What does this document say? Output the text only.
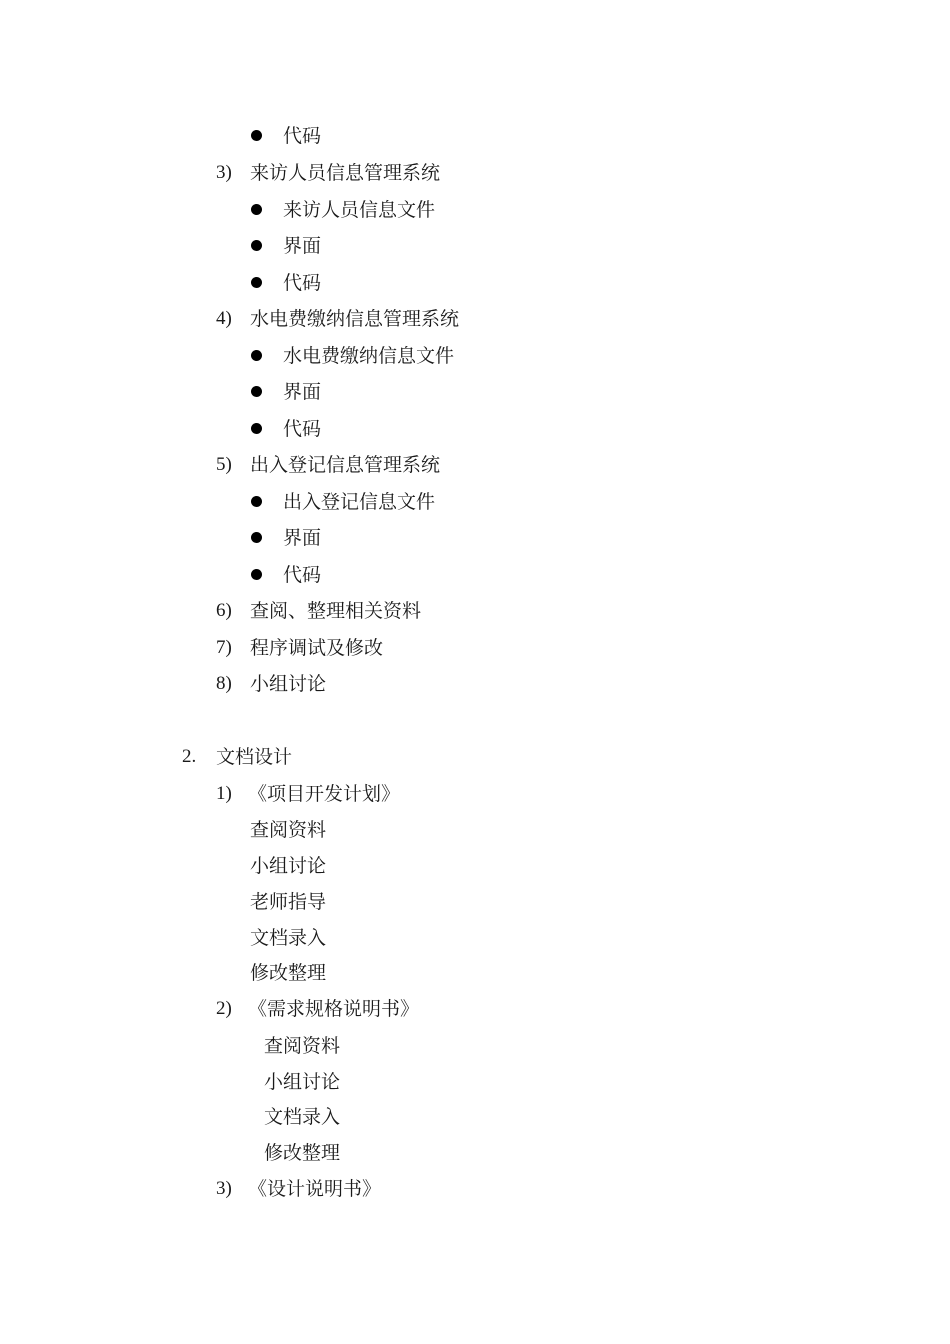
代码
3) 来访人员信息管理系统
来访人员信息文件
界面
代码
4) 水电费缴纳信息管理系统
水电费缴纳信息文件
界面
代码
5) 出入登记信息管理系统
出入登记信息文件
界面
代码
6) 查阅、整理相关资料
7) 程序调试及修改
8) 小组讨论
2. 文档设计
1) 《项目开发计划》
查阅资料
小组讨论
老师指导
文档录入
修改整理
2) 《需求规格说明书》
查阅资料
小组讨论
文档录入
修改整理
3) 《设计说明书》
